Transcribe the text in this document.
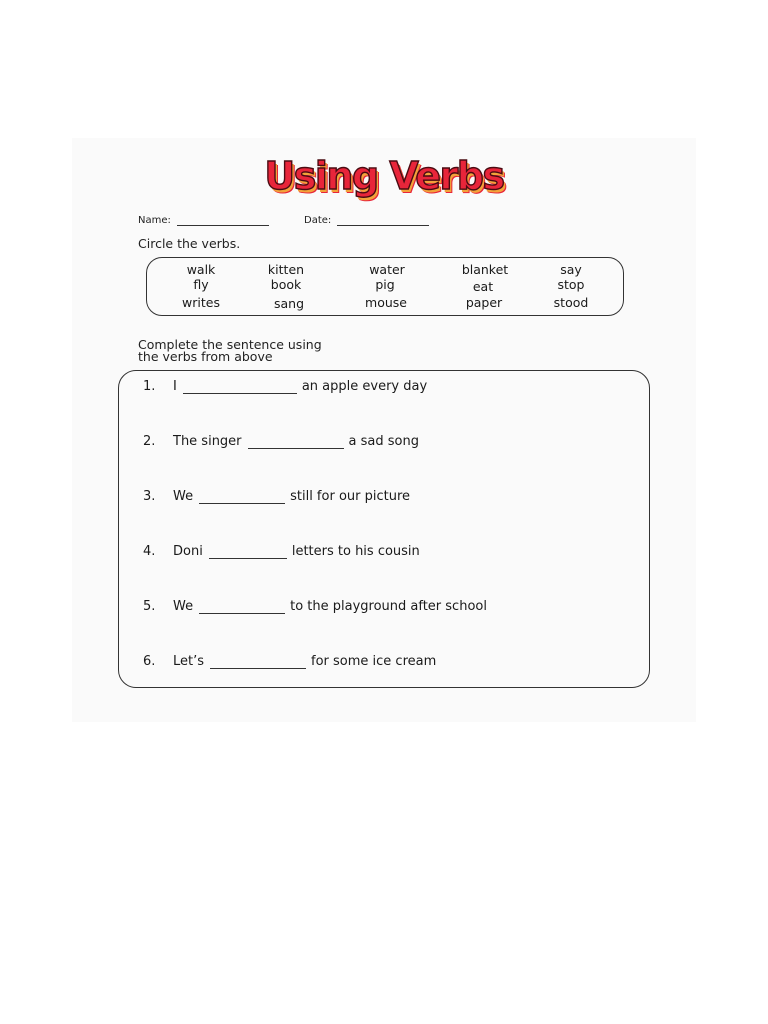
Using Verbs
Name:	Date:
Circle the verbs.
walk	kitten	water	blanket	say
fly	book	pig	eat	stop
writes	sang	mouse	paper	stood
Complete the sentence using
the verbs from above
1.	I	an apple every day
2.	The singer	a sad song
3.	We	still for our picture
4.	Doni	letters to his cousin
5.	We	to the playground after school
6.	Let’s	for some ice cream
